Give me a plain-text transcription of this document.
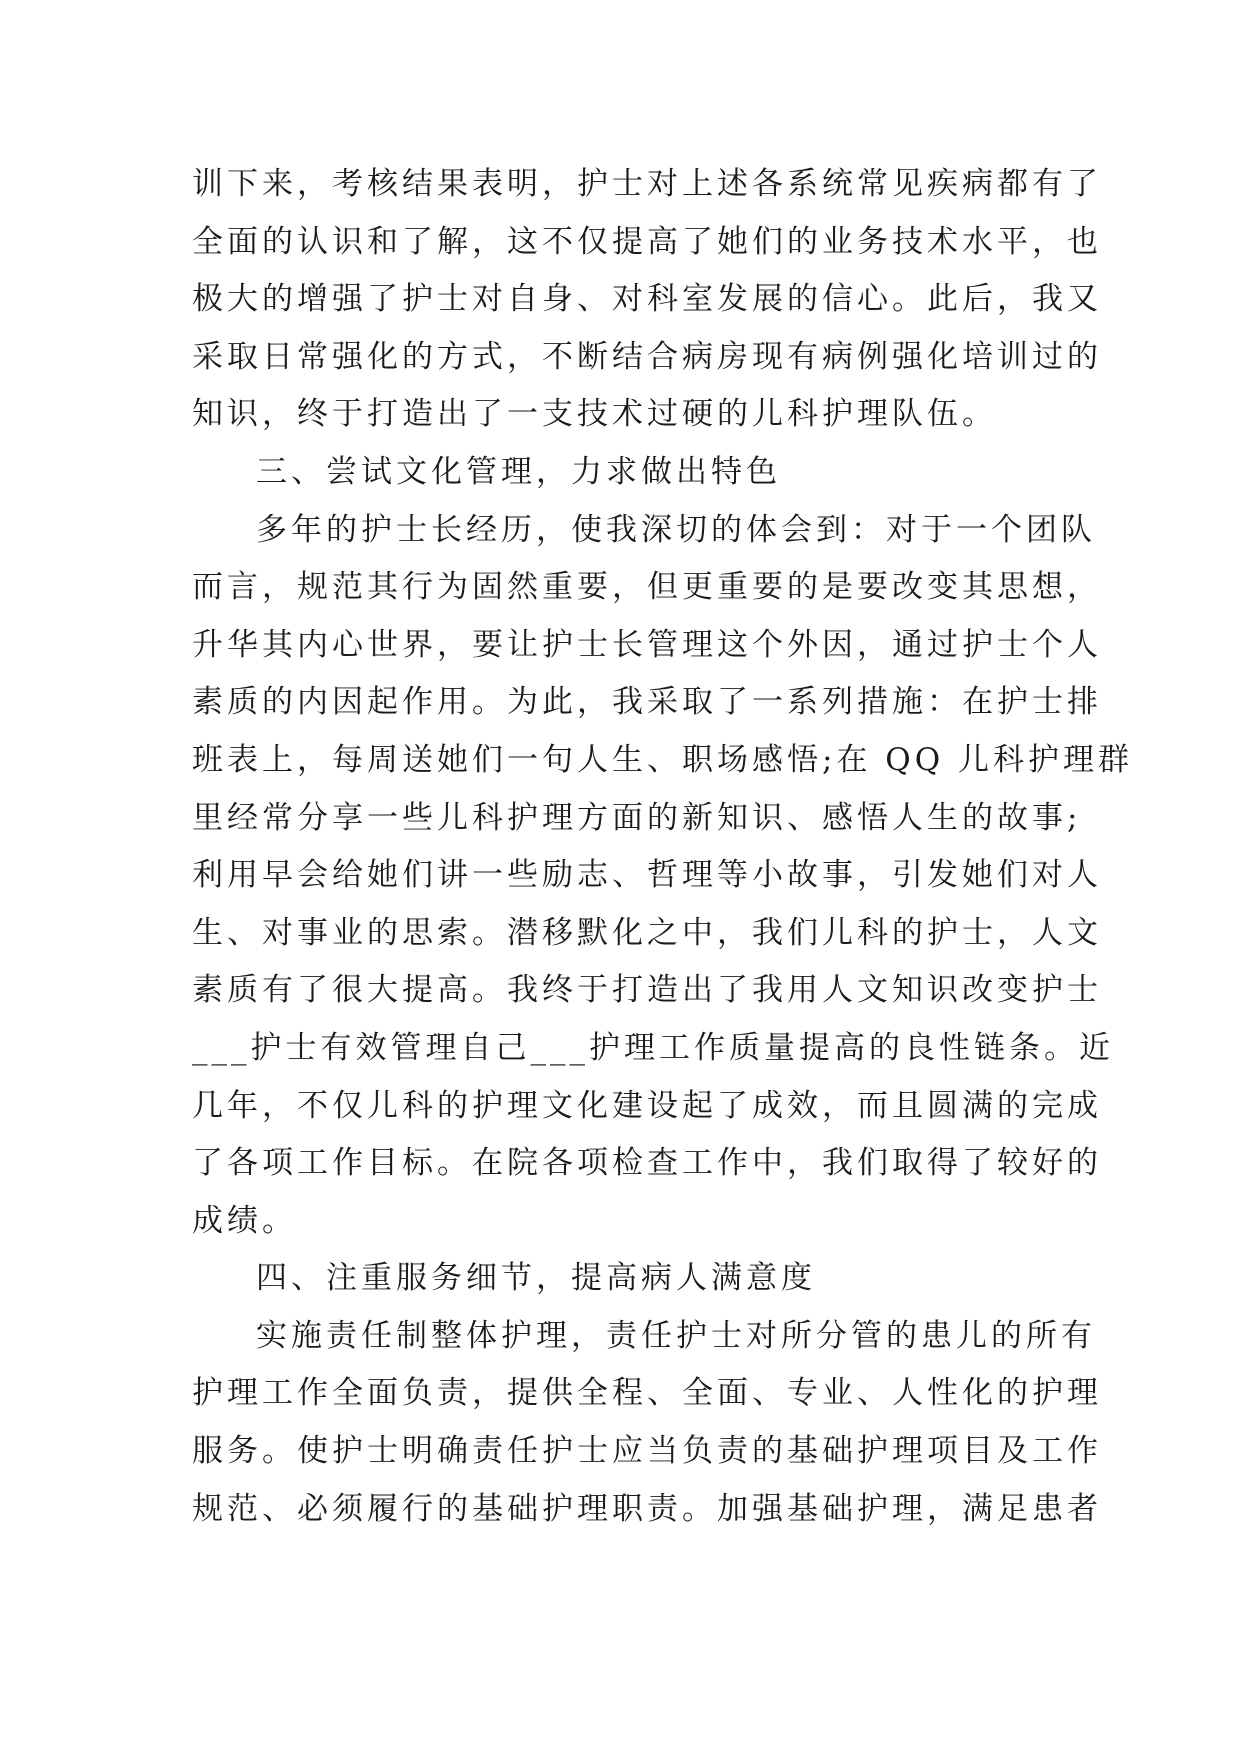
训下来，考核结果表明，护士对上述各系统常见疾病都有了
全面的认识和了解，这不仅提高了她们的业务技术水平，也
极大的增强了护士对自身、对科室发展的信心。此后，我又
采取日常强化的方式，不断结合病房现有病例强化培训过的
知识，终于打造出了一支技术过硬的儿科护理队伍。
三、尝试文化管理，力求做出特色
多年的护士长经历，使我深切的体会到：对于一个团队
而言，规范其行为固然重要，但更重要的是要改变其思想，
升华其内心世界，要让护士长管理这个外因，通过护士个人
素质的内因起作用。为此，我采取了一系列措施：在护士排
班表上，每周送她们一句人生、职场感悟;在 QQ 儿科护理群
里经常分享一些儿科护理方面的新知识、感悟人生的故事;
利用早会给她们讲一些励志、哲理等小故事，引发她们对人
生、对事业的思索。潜移默化之中，我们儿科的护士，人文
素质有了很大提高。我终于打造出了我用人文知识改变护士
___护士有效管理自己___护理工作质量提高的良性链条。近
几年，不仅儿科的护理文化建设起了成效，而且圆满的完成
了各项工作目标。在院各项检查工作中，我们取得了较好的
成绩。
四、注重服务细节，提高病人满意度
实施责任制整体护理，责任护士对所分管的患儿的所有
护理工作全面负责，提供全程、全面、专业、人性化的护理
服务。使护士明确责任护士应当负责的基础护理项目及工作
规范、必须履行的基础护理职责。加强基础护理，满足患者
